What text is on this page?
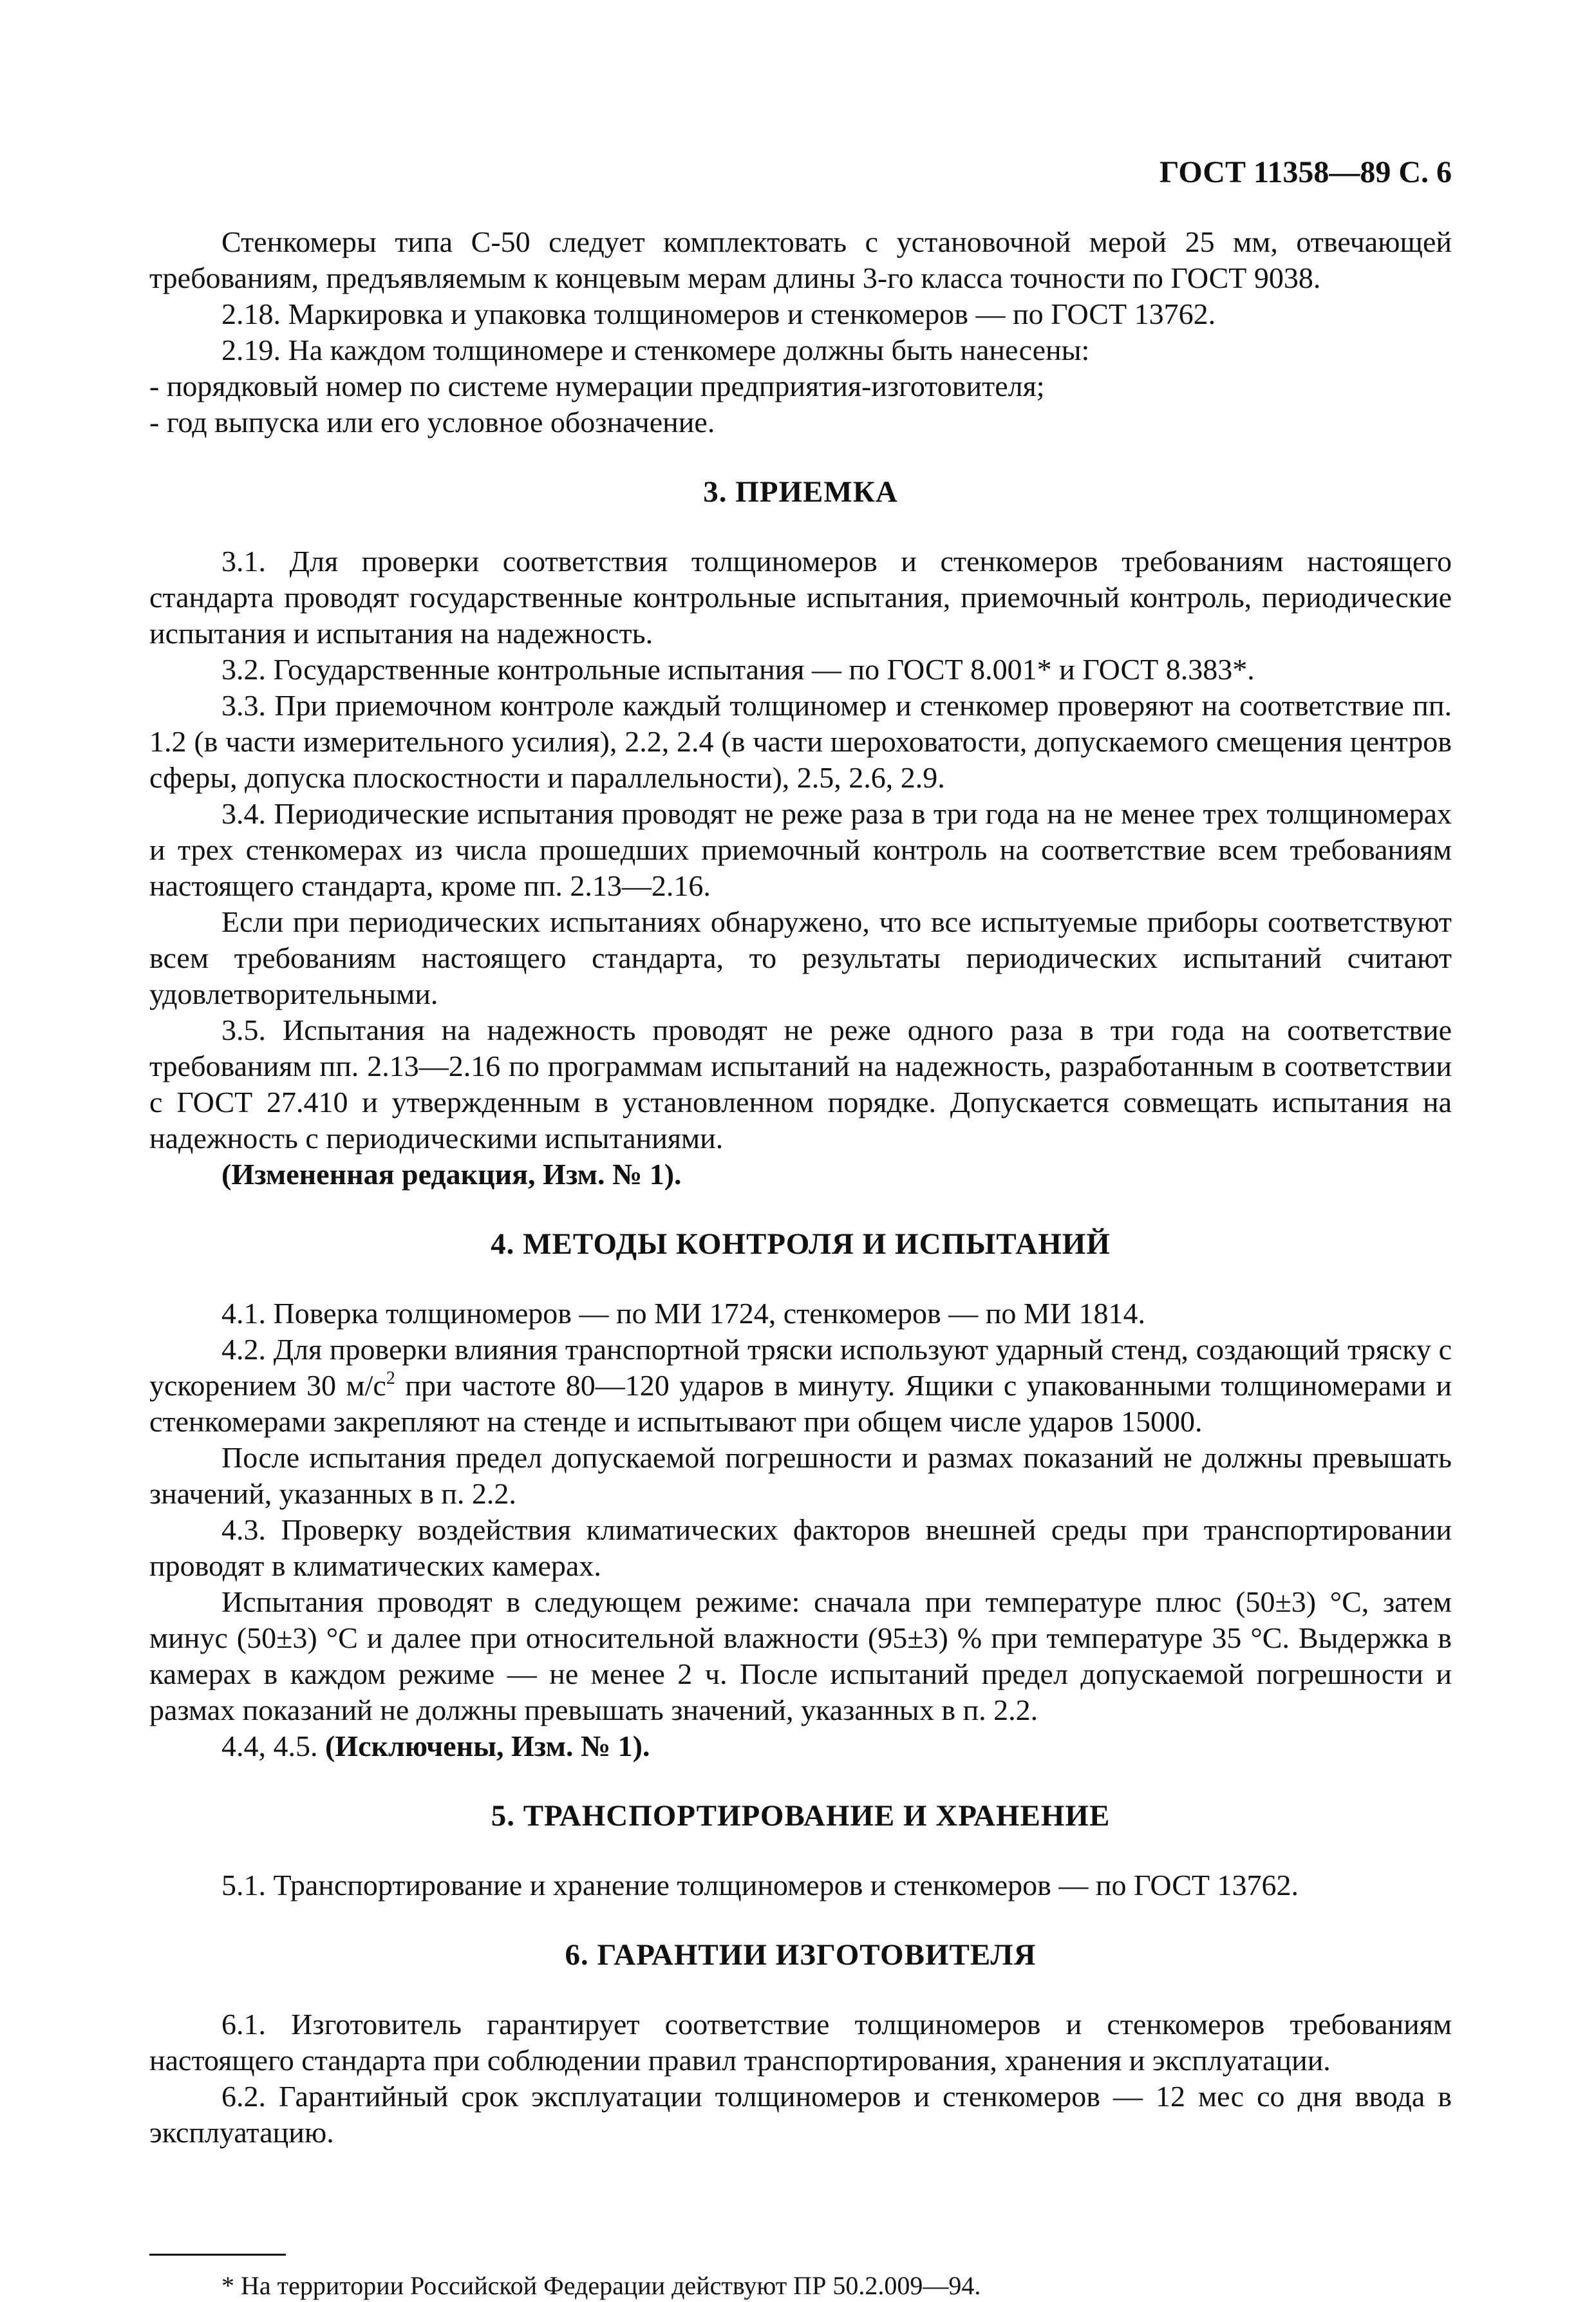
ГОСТ 11358—89 С. 6

Стенкомеры типа С-50 следует комплектовать с установочной мерой 25 мм, отвечающей требованиям, предъявляемым к концевым мерам длины 3-го класса точности по ГОСТ 9038.

2.18. Маркировка и упаковка толщиномеров и стенкомеров — по ГОСТ 13762.

2.19. На каждом толщиномере и стенкомере должны быть нанесены:

- порядковый номер по системе нумерации предприятия-изготовителя;

- год выпуска или его условное обозначение.

3. ПРИЕМКА

3.1. Для проверки соответствия толщиномеров и стенкомеров требованиям настоящего стандарта проводят государственные контрольные испытания, приемочный контроль, периодические испытания и испытания на надежность.

3.2. Государственные контрольные испытания — по ГОСТ 8.001* и ГОСТ 8.383*.

3.3. При приемочном контроле каждый толщиномер и стенкомер проверяют на соответствие пп. 1.2 (в части измерительного усилия), 2.2, 2.4 (в части шероховатости, допускаемого смещения центров сферы, допуска плоскостности и параллельности), 2.5, 2.6, 2.9.

3.4. Периодические испытания проводят не реже раза в три года на не менее трех толщиномерах и трех стенкомерах из числа прошедших приемочный контроль на соответствие всем требованиям настоящего стандарта, кроме пп. 2.13—2.16.

Если при периодических испытаниях обнаружено, что все испытуемые приборы соответствуют всем требованиям настоящего стандарта, то результаты периодических испытаний считают удовлетворительными.

3.5. Испытания на надежность проводят не реже одного раза в три года на соответствие требованиям пп. 2.13—2.16 по программам испытаний на надежность, разработанным в соответствии с ГОСТ 27.410 и утвержденным в установленном порядке. Допускается совмещать испытания на надежность с периодическими испытаниями.

(Измененная редакция, Изм. № 1).

4. МЕТОДЫ КОНТРОЛЯ И ИСПЫТАНИЙ

4.1. Поверка толщиномеров — по МИ 1724, стенкомеров — по МИ 1814.

4.2. Для проверки влияния транспортной тряски используют ударный стенд, создающий тряску с ускорением 30 $м/с^2$ при частоте 80—120 ударов в минуту. Ящики с упакованными толщиномерами и стенкомерами закрепляют на стенде и испытывают при общем числе ударов 15000.

После испытания предел допускаемой погрешности и размах показаний не должны превышать значений, указанных в п. 2.2.

4.3. Проверку воздействия климатических факторов внешней среды при транспортировании проводят в климатических камерах.

Испытания проводят в следующем режиме: сначала при температуре плюс (50±3) °С, затем минус (50±3) °С и далее при относительной влажности (95±3) % при температуре 35 °С. Выдержка в камерах в каждом режиме — не менее 2 ч. После испытаний предел допускаемой погрешности и размах показаний не должны превышать значений, указанных в п. 2.2.

4.4, 4.5. (Исключены, Изм. № 1).

5. ТРАНСПОРТИРОВАНИЕ И ХРАНЕНИЕ

5.1. Транспортирование и хранение толщиномеров и стенкомеров — по ГОСТ 13762.

6. ГАРАНТИИ ИЗГОТОВИТЕЛЯ

6.1. Изготовитель гарантирует соответствие толщиномеров и стенкомеров требованиям настоящего стандарта при соблюдении правил транспортирования, хранения и эксплуатации.

6.2. Гарантийный срок эксплуатации толщиномеров и стенкомеров — 12 мес со дня ввода в эксплуатацию.

* На территории Российской Федерации действуют ПР 50.2.009—94.
